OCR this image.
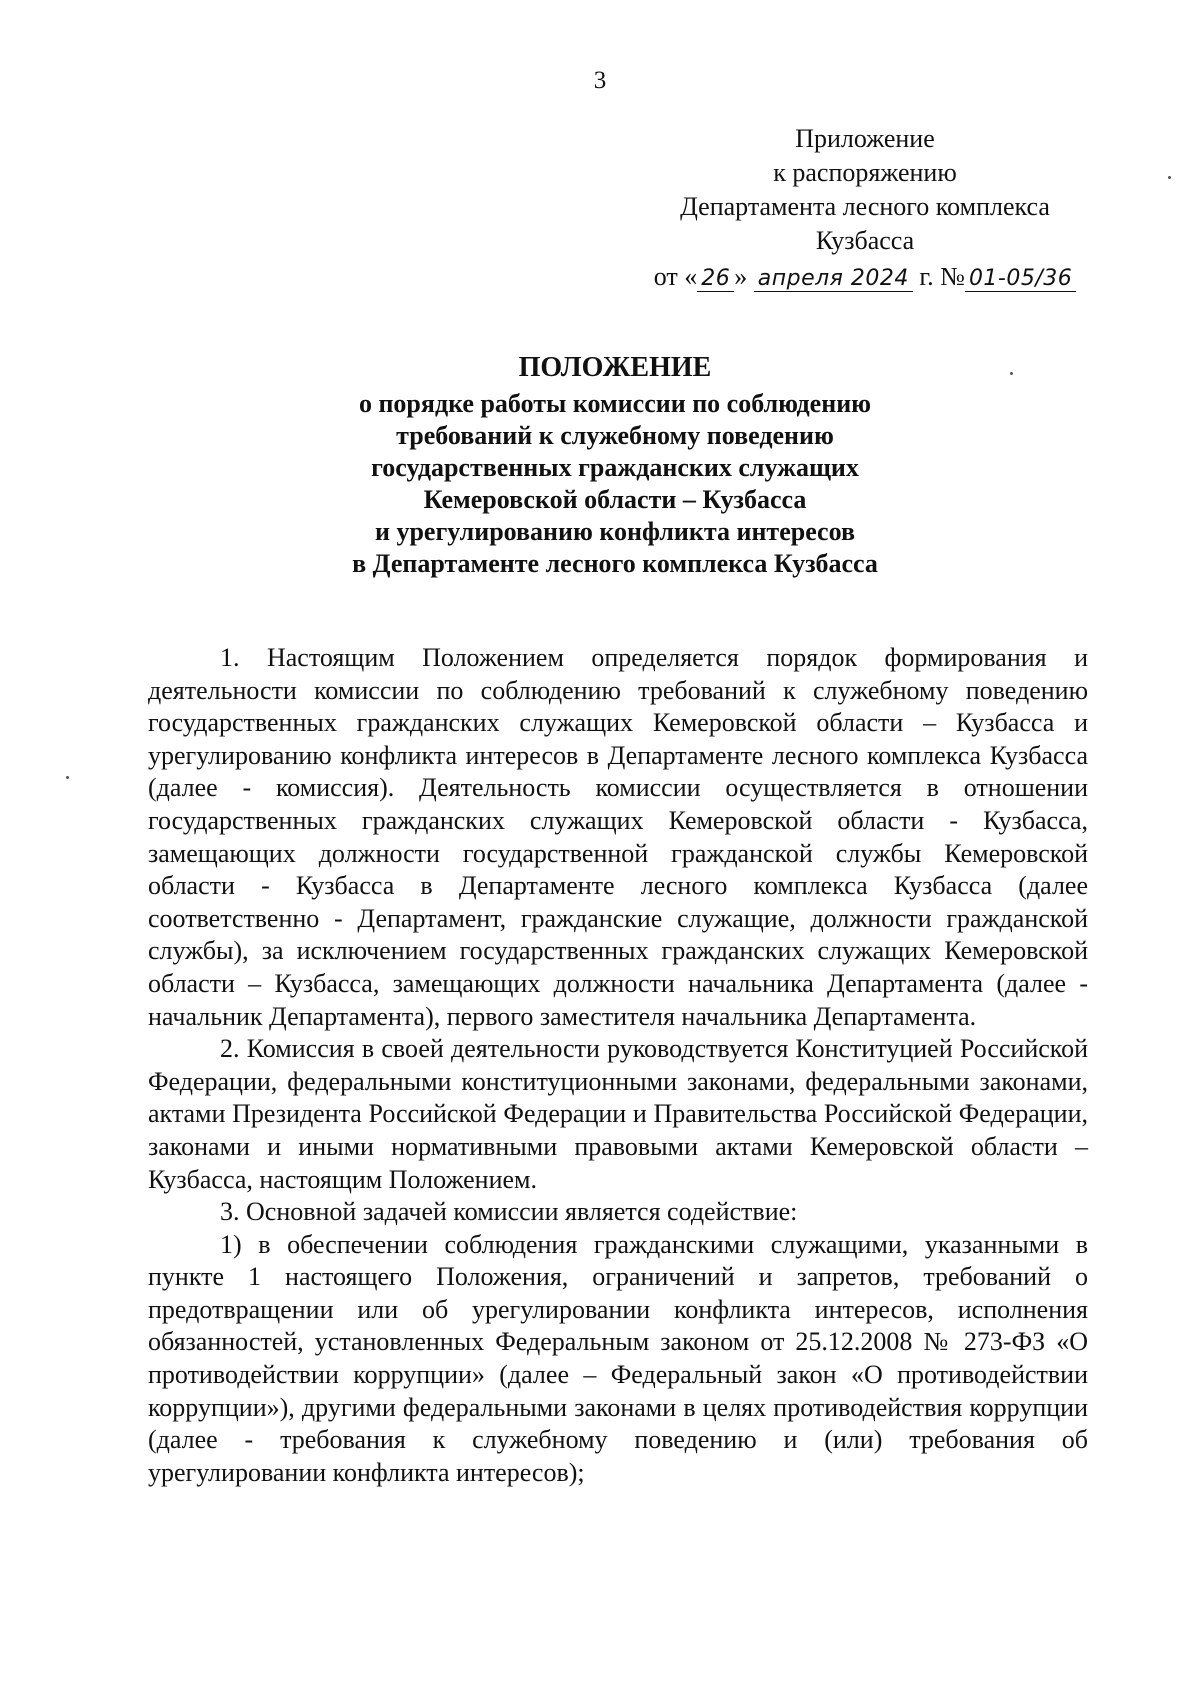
3
Приложение
к распоряжению
Департамента лесного комплекса
Кузбасса
от « 26 » апреля 2024 г. № 01-05/36
ПОЛОЖЕНИЕ
о порядке работы комиссии по соблюдению
требований к служебному поведению
государственных гражданских служащих
Кемеровской области – Кузбасса
и урегулированию конфликта интересов
в Департаменте лесного комплекса Кузбасса

1. Настоящим Положением определяется порядок формирования и деятельности комиссии по соблюдению требований к служебному поведению государственных гражданских служащих Кемеровской области – Кузбасса и урегулированию конфликта интересов в Департаменте лесного комплекса Кузбасса (далее - комиссия). Деятельность комиссии осуществляется в отношении государственных гражданских служащих Кемеровской области - Кузбасса, замещающих должности государственной гражданской службы Кемеровской области - Кузбасса в Департаменте лесного комплекса Кузбасса (далее соответственно - Департамент, гражданские служащие, должности гражданской службы), за исключением государственных гражданских служащих Кемеровской области – Кузбасса, замещающих должности начальника Департамента (далее - начальник Департамента), первого заместителя начальника Департамента.

2. Комиссия в своей деятельности руководствуется Конституцией Российской Федерации, федеральными конституционными законами, федеральными законами, актами Президента Российской Федерации и Правительства Российской Федерации, законами и иными нормативными правовыми актами Кемеровской области – Кузбасса, настоящим Положением.

3. Основной задачей комиссии является содействие:

1) в обеспечении соблюдения гражданскими служащими, указанными в пункте 1 настоящего Положения, ограничений и запретов, требований о предотвращении или об урегулировании конфликта интересов, исполнения обязанностей, установленных Федеральным законом от 25.12.2008 № 273-ФЗ «О противодействии коррупции» (далее – Федеральный закон «О противодействии коррупции»), другими федеральными законами в целях противодействия коррупции (далее - требования к служебному поведению и (или) требования об урегулировании конфликта интересов);
